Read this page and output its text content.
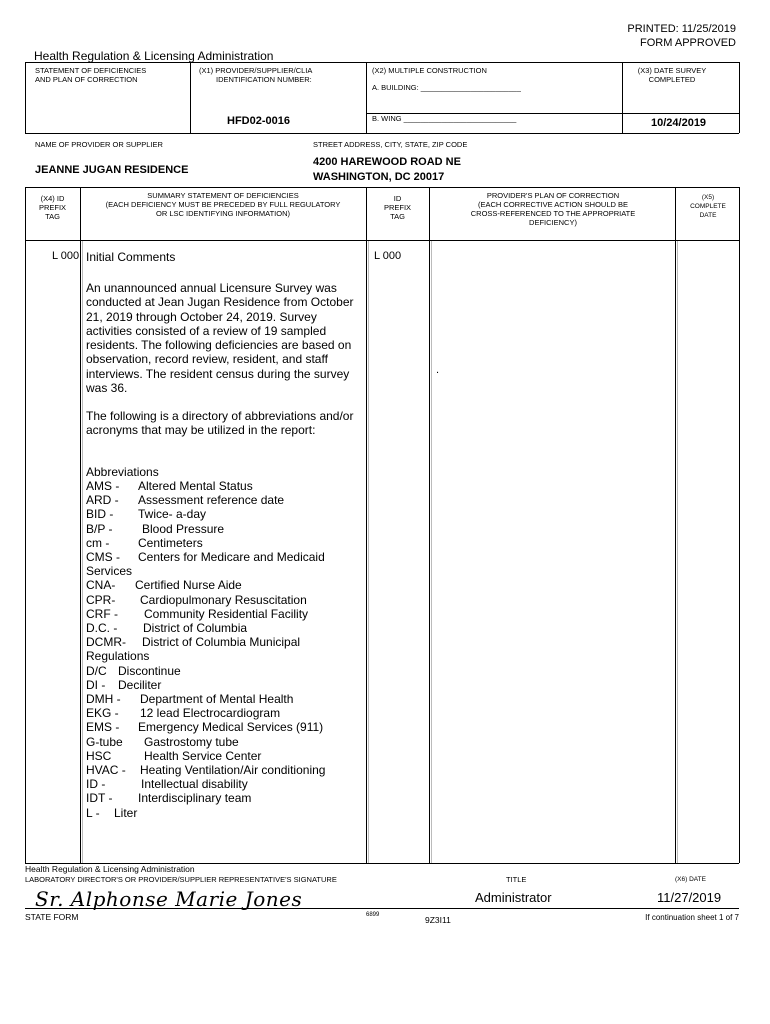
PRINTED: 11/25/2019
FORM APPROVED
Health Regulation & Licensing Administration
STATEMENT OF DEFICIENCIES
AND PLAN OF CORRECTION
(X1) PROVIDER/SUPPLIER/CLIA
IDENTIFICATION NUMBER:
HFD02-0016
(X2) MULTIPLE CONSTRUCTION
A. BUILDING: ________________________
B. WING ___________________________
(X3) DATE SURVEY
COMPLETED
10/24/2019
NAME OF PROVIDER OR SUPPLIER
JEANNE JUGAN RESIDENCE
STREET ADDRESS, CITY, STATE, ZIP CODE
4200 HAREWOOD ROAD NE
WASHINGTON, DC 20017
(X4) ID
PREFIX
TAG
SUMMARY STATEMENT OF DEFICIENCIES
(EACH DEFICIENCY MUST BE PRECEDED BY FULL REGULATORY
OR LSC IDENTIFYING INFORMATION)
ID
PREFIX
TAG
PROVIDER'S PLAN OF CORRECTION
(EACH CORRECTIVE ACTION SHOULD BE
CROSS-REFERENCED TO THE APPROPRIATE
DEFICIENCY)
(X5)
COMPLETE
DATE
L 000	L 000
Initial Comments
.
An unannounced annual Licensure Survey was
conducted at Jean Jugan Residence from October
21, 2019 through October 24, 2019. Survey
activities consisted of a review of 19 sampled
residents. The following deficiencies are based on
observation, record review, resident, and staff
interviews. The resident census during the survey
was 36.
The following is a directory of abbreviations and/or
acronyms that may be utilized in the report:
Abbreviations
AMS -	Altered Mental Status
ARD -	Assessment reference date
BID -	Twice- a-day
B/P -	Blood Pressure
cm -	Centimeters
CMS -	Centers for Medicare and Medicaid
Services
CNA-	Certified Nurse Aide
CPR-	Cardiopulmonary Resuscitation
CRF -	Community Residential Facility
D.C. -	District of Columbia
DCMR-	District of Columbia Municipal
Regulations
D/C Discontinue
DI -	Deciliter
DMH -	Department of Mental Health
EKG -	12 lead Electrocardiogram
EMS -	Emergency Medical Services (911)
G-tube	Gastrostomy tube
HSC	Health Service Center
HVAC -	Heating Ventilation/Air conditioning
ID -	Intellectual disability
IDT -	Interdisciplinary team
L -	Liter
Health Regulation & Licensing Administration
LABORATORY DIRECTOR'S OR PROVIDER/SUPPLIER REPRESENTATIVE'S SIGNATURE	TITLE	(X6) DATE
Sr. Alphonse Marie Jones	Administrator	11/27/2019
STATE FORM	6899	9Z3I11	If continuation sheet 1 of 7
